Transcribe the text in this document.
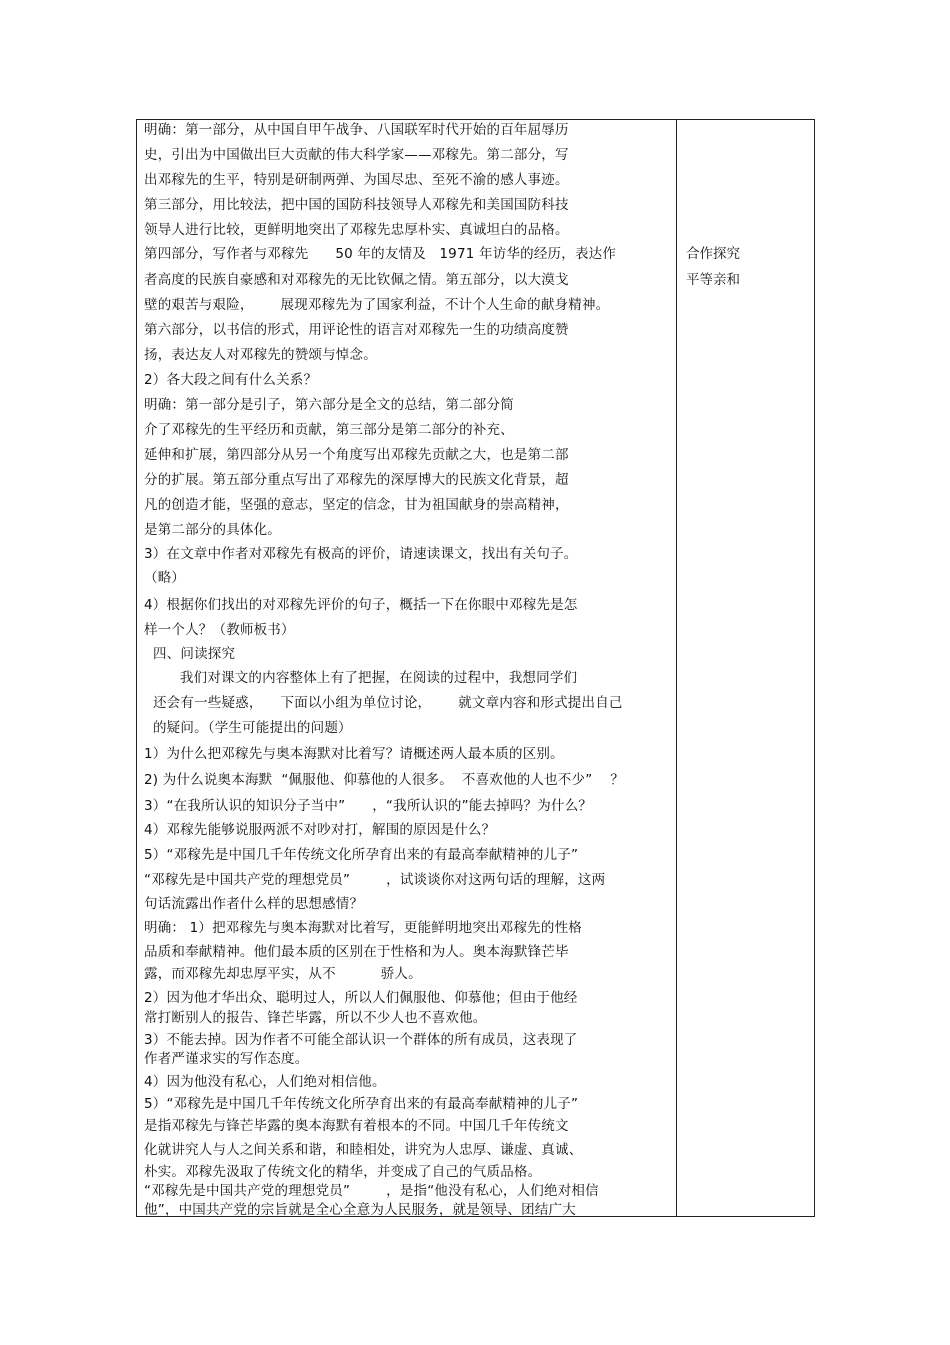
明确：第一部分，从中国自甲午战争、八国联军时代开始的百年屈辱历
史，引出为中国做出巨大贡献的伟大科学家——邓稼先。第二部分，写
出邓稼先的生平，特别是研制两弹、为国尽忠、至死不渝的感人事迹。
第三部分，用比较法，把中国的国防科技领导人邓稼先和美国国防科技
领导人进行比较，更鲜明地突出了邓稼先忠厚朴实、真诚坦白的品格。
第四部分，写作者与邓稼先      50 年的友情及   1971 年访华的经历，表达作
者高度的民族自豪感和对邓稼先的无比钦佩之情。第五部分，以大漠戈
壁的艰苦与艰险，      展现邓稼先为了国家利益，不计个人生命的献身精神。
第六部分，以书信的形式，用评论性的语言对邓稼先一生的功绩高度赞
扬，表达友人对邓稼先的赞颂与悼念。
2）各大段之间有什么关系？
明确：第一部分是引子，第六部分是全文的总结，第二部分简
介了邓稼先的生平经历和贡献，第三部分是第二部分的补充、
延伸和扩展，第四部分从另一个角度写出邓稼先贡献之大，也是第二部
分的扩展。第五部分重点写出了邓稼先的深厚博大的民族文化背景，超
凡的创造才能，坚强的意志，坚定的信念，甘为祖国献身的崇高精神，
是第二部分的具体化。
3）在文章中作者对邓稼先有极高的评价，请速读课文，找出有关句子。
（略）
4）根据你们找出的对邓稼先评价的句子，概括一下在你眼中邓稼先是怎
样一个人？（教师板书）
四、问读探究
我们对课文的内容整体上有了把握，在阅读的过程中，我想同学们
还会有一些疑惑，    下面以小组为单位讨论，      就文章内容和形式提出自己
的疑问。（学生可能提出的问题）
1）为什么把邓稼先与奥本海默对比着写？请概述两人最本质的区别。
2) 为什么说奥本海默  “佩服他、仰慕他的人很多。  不喜欢他的人也不少”    ？
3）“在我所认识的知识分子当中”      ，“我所认识的”能去掉吗？为什么？
4）邓稼先能够说服两派不对吵对打，解围的原因是什么？
5）“邓稼先是中国几千年传统文化所孕育出来的有最高奉献精神的儿子”
“邓稼先是中国共产党的理想党员”        ，试谈谈你对这两句话的理解，这两
句话流露出作者什么样的思想感情？
明确： 1）把邓稼先与奥本海默对比着写，更能鲜明地突出邓稼先的性格
品质和奉献精神。他们最本质的区别在于性格和为人。奥本海默锋芒毕
露，而邓稼先却忠厚平实，从不          骄人。
2）因为他才华出众、聪明过人，所以人们佩服他、仰慕他；但由于他经
常打断别人的报告、锋芒毕露，所以不少人也不喜欢他。
3）不能去掉。因为作者不可能全部认识一个群体的所有成员，这表现了
作者严谨求实的写作态度。
4）因为他没有私心，人们绝对相信他。
5）“邓稼先是中国几千年传统文化所孕育出来的有最高奉献精神的儿子”
是指邓稼先与锋芒毕露的奥本海默有着根本的不同。中国几千年传统文
化就讲究人与人之间关系和谐，和睦相处，讲究为人忠厚、谦虚、真诚、
朴实。邓稼先汲取了传统文化的精华，并变成了自己的气质品格。
“邓稼先是中国共产党的理想党员”        ，是指“他没有私心，人们绝对相信
他”，中国共产党的宗旨就是全心全意为人民服务，就是领导、团结广大
合作探究
平等亲和
